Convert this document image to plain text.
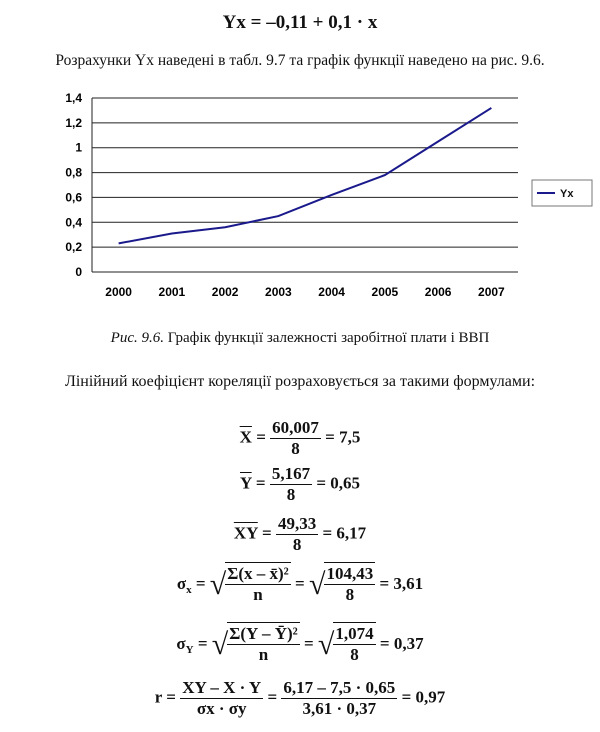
Yx = –0,11 + 0,1 · x
Розрахунки Yx наведені в табл. 9.7 та графік функції наведено на рис. 9.6.
0
0,2
0,4
0,6
0,8
1
1,2
1,4
2000 2001 2002 2003 2004 2005 2006 2007
Yx
Рис. 9.6. Графік функції залежності заробітної плати і ВВП
Лінійний коефіцієнт кореляції розраховується за такими формулами:
$\overline{X} = \frac{60,007}{8} = 7,5$
$\overline{Y} = \frac{5,167}{8} = 0,65$
$\overline{XY} = \frac{49,33}{8} = 6,17$
$\sigma_x$ = √ $\frac{\text{Σ(x – x̄)²}}{n}$ = √ $\frac{104,43}{8} = 3,61$
$\sigma_Y$ = √ $\frac{\text{Σ(Y – Ȳ)²}}{n}$ = √ $\frac{1,074}{8} = 0,37$
$r = \frac{XY - X \cdot Y}{\sigma x \cdot \sigma y} = \frac{6,17 - 7,5 \cdot 0,65}{3,61 \cdot 0,37} = 0,97$
